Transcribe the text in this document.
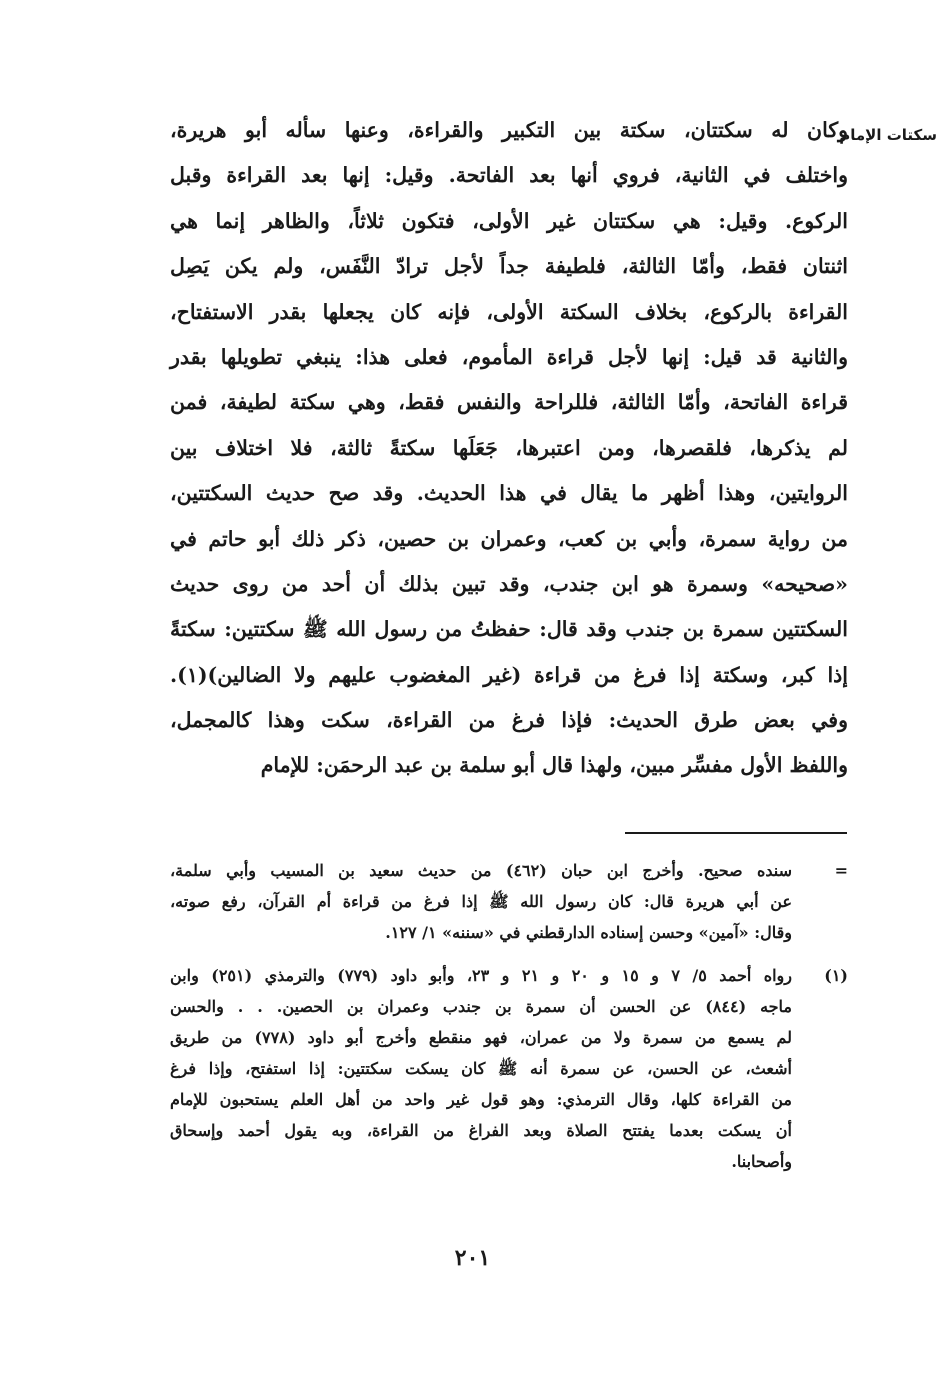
سكتات الإمام
وكان له سكتتان، سكتة بين التكبير والقراءة، وعنها سأله أبو هريرة،
واختلف في الثانية، فروي أنها بعد الفاتحة. وقيل: إنها بعد القراءة وقبل
الركوع. وقيل: هي سكتتان غير الأولى، فتكون ثلاثاً، والظاهر إنما هي
اثنتان فقط، وأمّا الثالثة، فلطيفة جداً لأجل ترادّ النَّفَس، ولم يكن يَصِل
القراءة بالركوع، بخلاف السكتة الأولى، فإنه كان يجعلها بقدر الاستفتاح،
والثانية قد قيل: إنها لأجل قراءة المأموم، فعلى هذا: ينبغي تطويلها بقدر
قراءة الفاتحة، وأمّا الثالثة، فللراحة والنفس فقط، وهي سكتة لطيفة، فمن
لم يذكرها، فلقصرها، ومن اعتبرها، جَعَلَها سكتةً ثالثة، فلا اختلاف بين
الروايتين، وهذا أظهر ما يقال في هذا الحديث. وقد صح حديث السكتتين،
من رواية سمرة، وأبي بن كعب، وعمران بن حصين، ذكر ذلك أبو حاتم في
«صحيحه» وسمرة هو ابن جندب، وقد تبين بذلك أن أحد من روى حديث
السكتتين سمرة بن جندب وقد قال: حفظتُ من رسول الله ﷺ سكتتين: سكتةً
إذا كبر، وسكتة إذا فرغ من قراءة (غير المغضوب عليهم ولا الضالين)(١).
وفي بعض طرق الحديث: فإذا فرغ من القراءة، سكت وهذا كالمجمل،
واللفظ الأول مفسِّر مبين، ولهذا قال أبو سلمة بن عبد الرحمَن: للإمام
=
سنده صحيح. وأخرج ابن حبان (٤٦٢) من حديث سعيد بن المسيب وأبي سلمة،
عن أبي هريرة قال: كان رسول الله ﷺ إذا فرغ من قراءة أم القرآن، رفع صوته،
وقال: «آمين» وحسن إسناده الدارقطني في «سننه» ١/ ١٢٧.
(١)
رواه أحمد ٥/ ٧ و ١٥ و ٢٠ و ٢١ و ٢٣، وأبو داود (٧٧٩) والترمذي (٢٥١) وابن
ماجه (٨٤٤) عن الحسن أن سمرة بن جندب وعمران بن الحصين. . . والحسن
لم يسمع من سمرة ولا من عمران، فهو منقطع وأخرج أبو داود (٧٧٨) من طريق
أشعث، عن الحسن، عن سمرة أنه ﷺ كان يسكت سكتتين: إذا استفتح، وإذا فرغ
من القراءة كلها، وقال الترمذي: وهو قول غير واحد من أهل العلم يستحبون للإمام
أن يسكت بعدما يفتتح الصلاة وبعد الفراغ من القراءة، وبه يقول أحمد وإسحاق
وأصحابنا.
٢٠١
